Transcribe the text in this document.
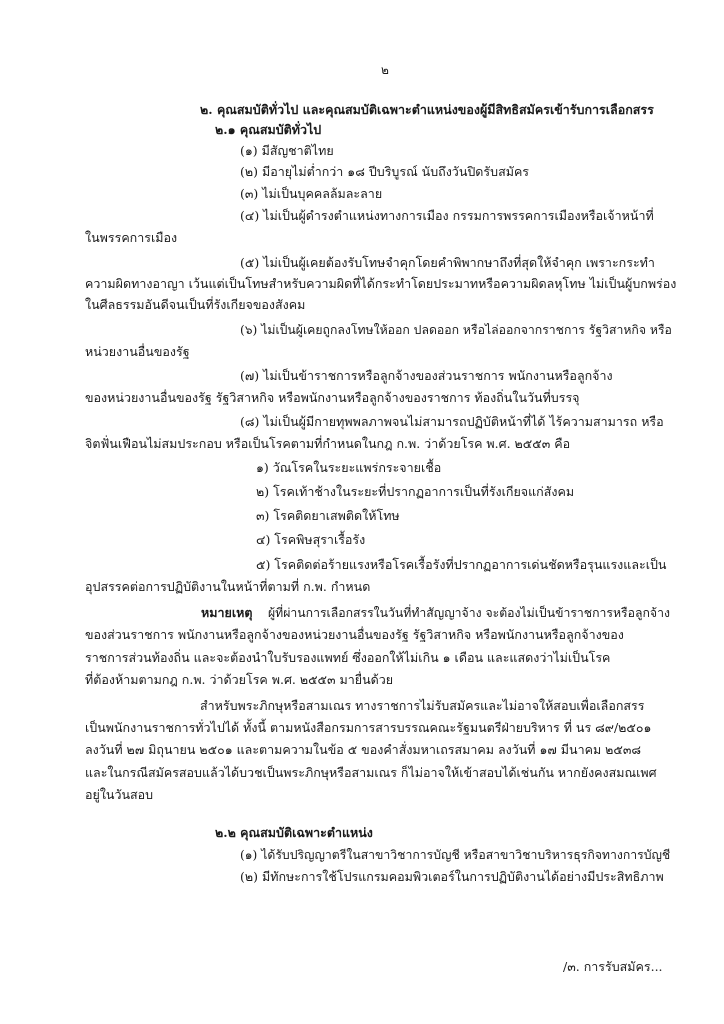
๒
๒. คุณสมบัติทั่วไป และคุณสมบัติเฉพาะตำแหน่งของผู้มีสิทธิสมัครเข้ารับการเลือกสรร
๒.๑ คุณสมบัติทั่วไป
(๑) มีสัญชาติไทย
(๒) มีอายุไม่ต่ำกว่า ๑๘ ปีบริบูรณ์ นับถึงวันปิดรับสมัคร
(๓) ไม่เป็นบุคคลล้มละลาย
(๔) ไม่เป็นผู้ดำรงตำแหน่งทางการเมือง กรรมการพรรคการเมืองหรือเจ้าหน้าที่
ในพรรคการเมือง
(๕) ไม่เป็นผู้เคยต้องรับโทษจำคุกโดยคำพิพากษาถึงที่สุดให้จำคุก เพราะกระทำ
ความผิดทางอาญา เว้นแต่เป็นโทษสำหรับความผิดที่ได้กระทำโดยประมาทหรือความผิดลหุโทษ ไม่เป็นผู้บกพร่อง
ในศีลธรรมอันดีจนเป็นที่รังเกียจของสังคม
(๖) ไม่เป็นผู้เคยถูกลงโทษให้ออก ปลดออก หรือไล่ออกจากราชการ รัฐวิสาหกิจ หรือ
หน่วยงานอื่นของรัฐ
(๗) ไม่เป็นข้าราชการหรือลูกจ้างของส่วนราชการ พนักงานหรือลูกจ้าง
ของหน่วยงานอื่นของรัฐ รัฐวิสาหกิจ หรือพนักงานหรือลูกจ้างของราชการ ท้องถิ่นในวันที่บรรจุ
(๘) ไม่เป็นผู้มีกายทุพพลภาพจนไม่สามารถปฏิบัติหน้าที่ได้ ไร้ความสามารถ หรือ
จิตฟั่นเฟือนไม่สมประกอบ หรือเป็นโรคตามที่กำหนดในกฎ ก.พ. ว่าด้วยโรค พ.ศ. ๒๕๕๓ คือ
๑) วัณโรคในระยะแพร่กระจายเชื้อ
๒) โรคเท้าช้างในระยะที่ปรากฏอาการเป็นที่รังเกียจแก่สังคม
๓) โรคติดยาเสพติดให้โทษ
๔) โรคพิษสุราเรื้อรัง
๕) โรคติดต่อร้ายแรงหรือโรคเรื้อรังที่ปรากฏอาการเด่นชัดหรือรุนแรงและเป็น
อุปสรรคต่อการปฏิบัติงานในหน้าที่ตามที่ ก.พ. กำหนด
หมายเหตุ ผู้ที่ผ่านการเลือกสรรในวันที่ทำสัญญาจ้าง จะต้องไม่เป็นข้าราชการหรือลูกจ้าง
ของส่วนราชการ พนักงานหรือลูกจ้างของหน่วยงานอื่นของรัฐ รัฐวิสาหกิจ หรือพนักงานหรือลูกจ้างของ
ราชการส่วนท้องถิ่น และจะต้องนำใบรับรองแพทย์ ซึ่งออกให้ไม่เกิน ๑ เดือน และแสดงว่าไม่เป็นโรค
ที่ต้องห้ามตามกฎ ก.พ. ว่าด้วยโรค พ.ศ. ๒๕๕๓ มายื่นด้วย
สำหรับพระภิกษุหรือสามเณร ทางราชการไม่รับสมัครและไม่อาจให้สอบเพื่อเลือกสรร
เป็นพนักงานราชการทั่วไปได้ ทั้งนี้ ตามหนังสือกรมการสารบรรณคณะรัฐมนตรีฝ่ายบริหาร ที่ นร ๘๙/๒๕๐๑
ลงวันที่ ๒๗ มิถุนายน ๒๕๐๑ และตามความในข้อ ๕ ของคำสั่งมหาเถรสมาคม ลงวันที่ ๑๗ มีนาคม ๒๕๓๘
และในกรณีสมัครสอบแล้วได้บวชเป็นพระภิกษุหรือสามเณร ก็ไม่อาจให้เข้าสอบได้เช่นกัน หากยังคงสมณเพศ
อยู่ในวันสอบ
๒.๒ คุณสมบัติเฉพาะตำแหน่ง
(๑) ได้รับปริญญาตรีในสาขาวิชาการบัญชี หรือสาขาวิชาบริหารธุรกิจทางการบัญชี
(๒) มีทักษะการใช้โปรแกรมคอมพิวเตอร์ในการปฏิบัติงานได้อย่างมีประสิทธิภาพ
/๓. การรับสมัคร...
